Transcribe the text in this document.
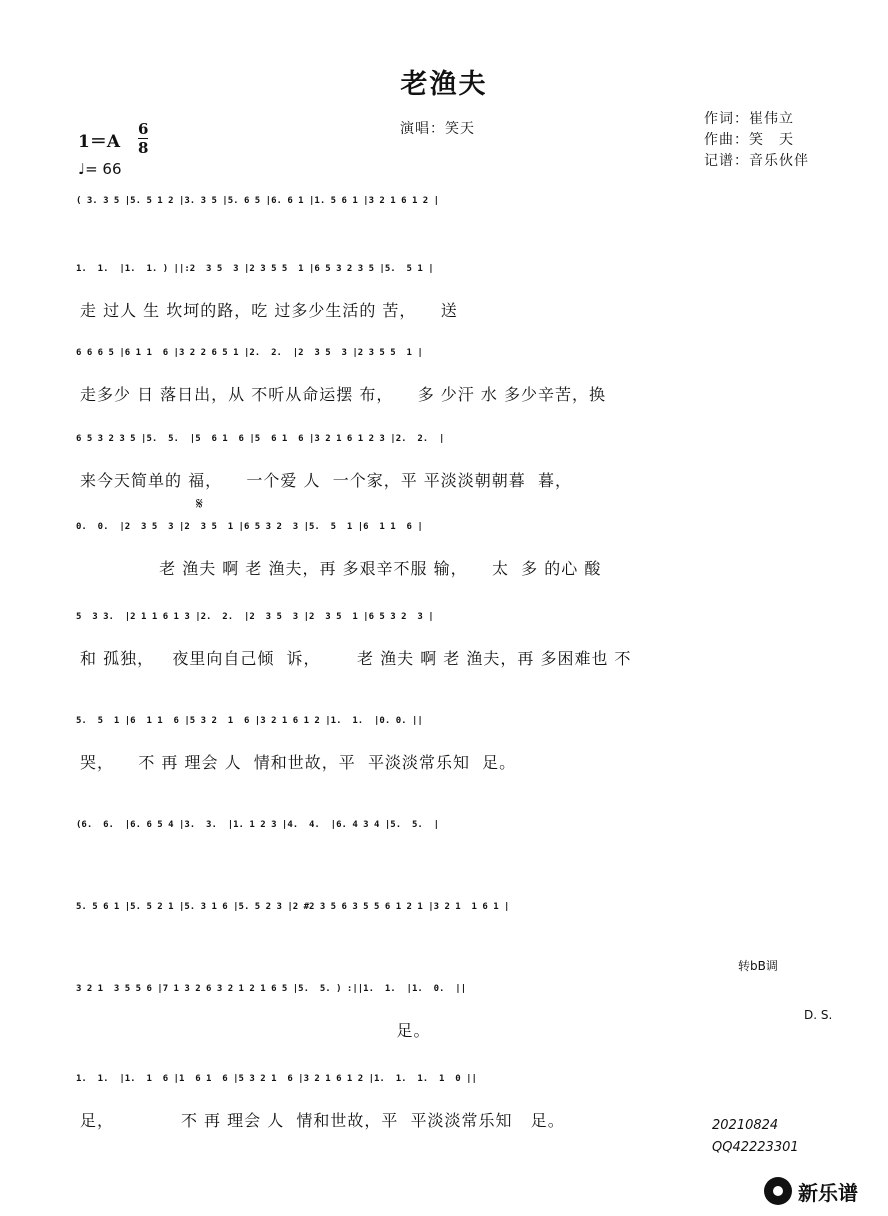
老渔夫
演唱：笑天
作词：崔伟立
作曲：笑　天
记谱：音乐伙伴
$1=A \frac{6}{8}$
♩= 66
( 3. 3 5 |5. 5 1 2 |3. 3 5 |5. 6 5 |6. 6 1 |1. 5 6 1 |3 2 1 6 1 2 |
1.  1.  |1.  1. ) ||:2  3 5  3 |2 3 5 5  1 |6 5 3 2 3 5 |5.  5 1 |
走 过人 生 坎坷的路，吃 过多少生活的 苦，    送
6 6 6 5 |6 1 1  6 |3 2 2 6 5 1 |2.  2.  |2  3 5  3 |2 3 5 5  1 |
走多少 日 落日出，从 不听从命运摆 布，    多 少汗 水 多少辛苦，换
6 5 3 2 3 5 |5.  5.  |5  6 1  6 |5  6 1  6 |3 2 1 6 1 2 3 |2.  2.  |
来今天简单的 福，    一个爱 人  一个家，平 平淡淡朝朝暮  暮，
𝄋
0.  0.  |2  3 5  3 |2  3 5  1 |6 5 3 2  3 |5.  5  1 |6  1 1  6 |
老 渔夫 啊 老 渔夫，再 多艰辛不服 输，    太  多 的心 酸
5  3 3.  |2 1 1 6 1 3 |2.  2.  |2  3 5  3 |2  3 5  1 |6 5 3 2  3 |
和 孤独，   夜里向自己倾  诉，      老 渔夫 啊 老 渔夫，再 多困难也 不
5.  5  1 |6  1 1  6 |5 3 2  1  6 |3 2 1 6 1 2 |1.  1.  |0. 0. ||
哭，    不 再 理会 人  情和世故，平  平淡淡常乐知  足。
(6.  6.  |6. 6 5 4 |3.  3.  |1. 1 2 3 |4.  4.  |6. 4 3 4 |5.  5.  |
5. 5 6 1 |5. 5 2 1 |5. 3 1 6 |5. 5 2 3 |2 #2 3 5 6 3 5 5 6 1 2 1 |3 2 1  1 6 1 |
转bB调
3 2 1  3 5 5 6 |7 1 3 2 6 3 2 1 2 1 6 5 |5.  5. ) :||1.  1.  |1.  0.  ||
足。
D. S.
1.  1.  |1.  1  6 |1  6 1  6 |5 3 2 1  6 |3 2 1 6 1 2 |1.  1.  1.  1  0 ||
足，           不 再 理会 人  情和世故，平  平淡淡常乐知   足。	20210824
QQ42223301
新乐谱
